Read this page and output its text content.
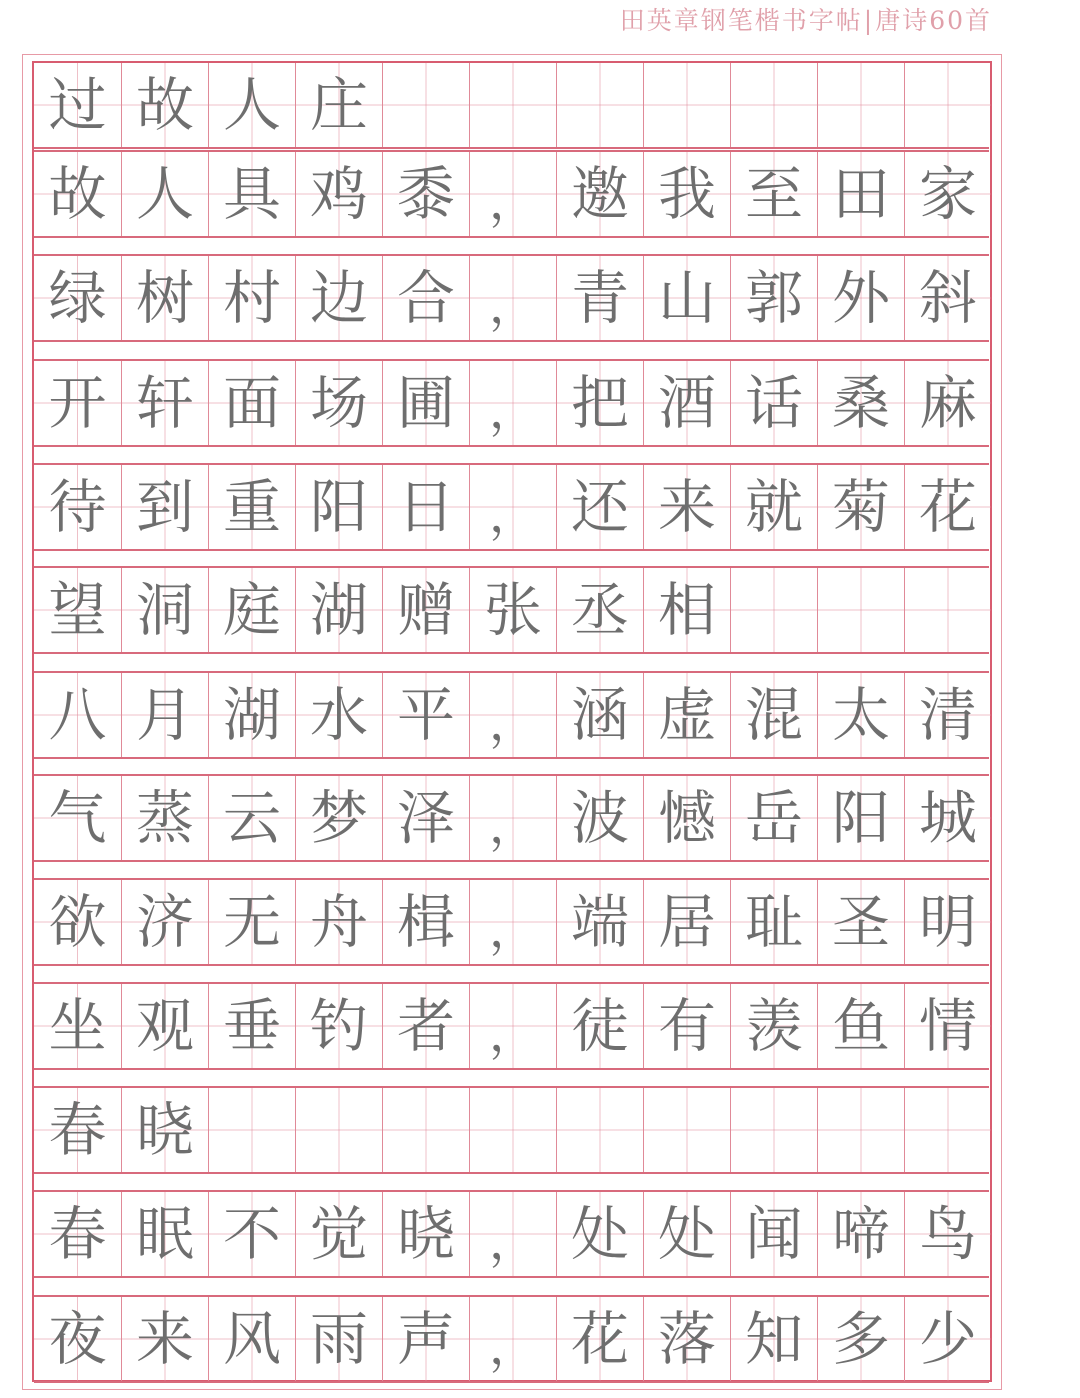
田英章钢笔楷书字帖|唐诗60首
过 故 人 庄
故 人 具 鸡 黍 ， 邀 我 至 田 家
绿 树 村 边 合 ， 青 山 郭 外 斜
开 轩 面 场 圃 ， 把 酒 话 桑 麻
待 到 重 阳 日 ， 还 来 就 菊 花
望 洞 庭 湖 赠 张 丞 相
八 月 湖 水 平 ， 涵 虚 混 太 清
气 蒸 云 梦 泽 ， 波 憾 岳 阳 城
欲 济 无 舟 楫 ， 端 居 耻 圣 明
坐 观 垂 钓 者 ， 徒 有 羡 鱼 情
春 晓
春 眠 不 觉 晓 ， 处 处 闻 啼 鸟
夜 来 风 雨 声 ， 花 落 知 多 少
